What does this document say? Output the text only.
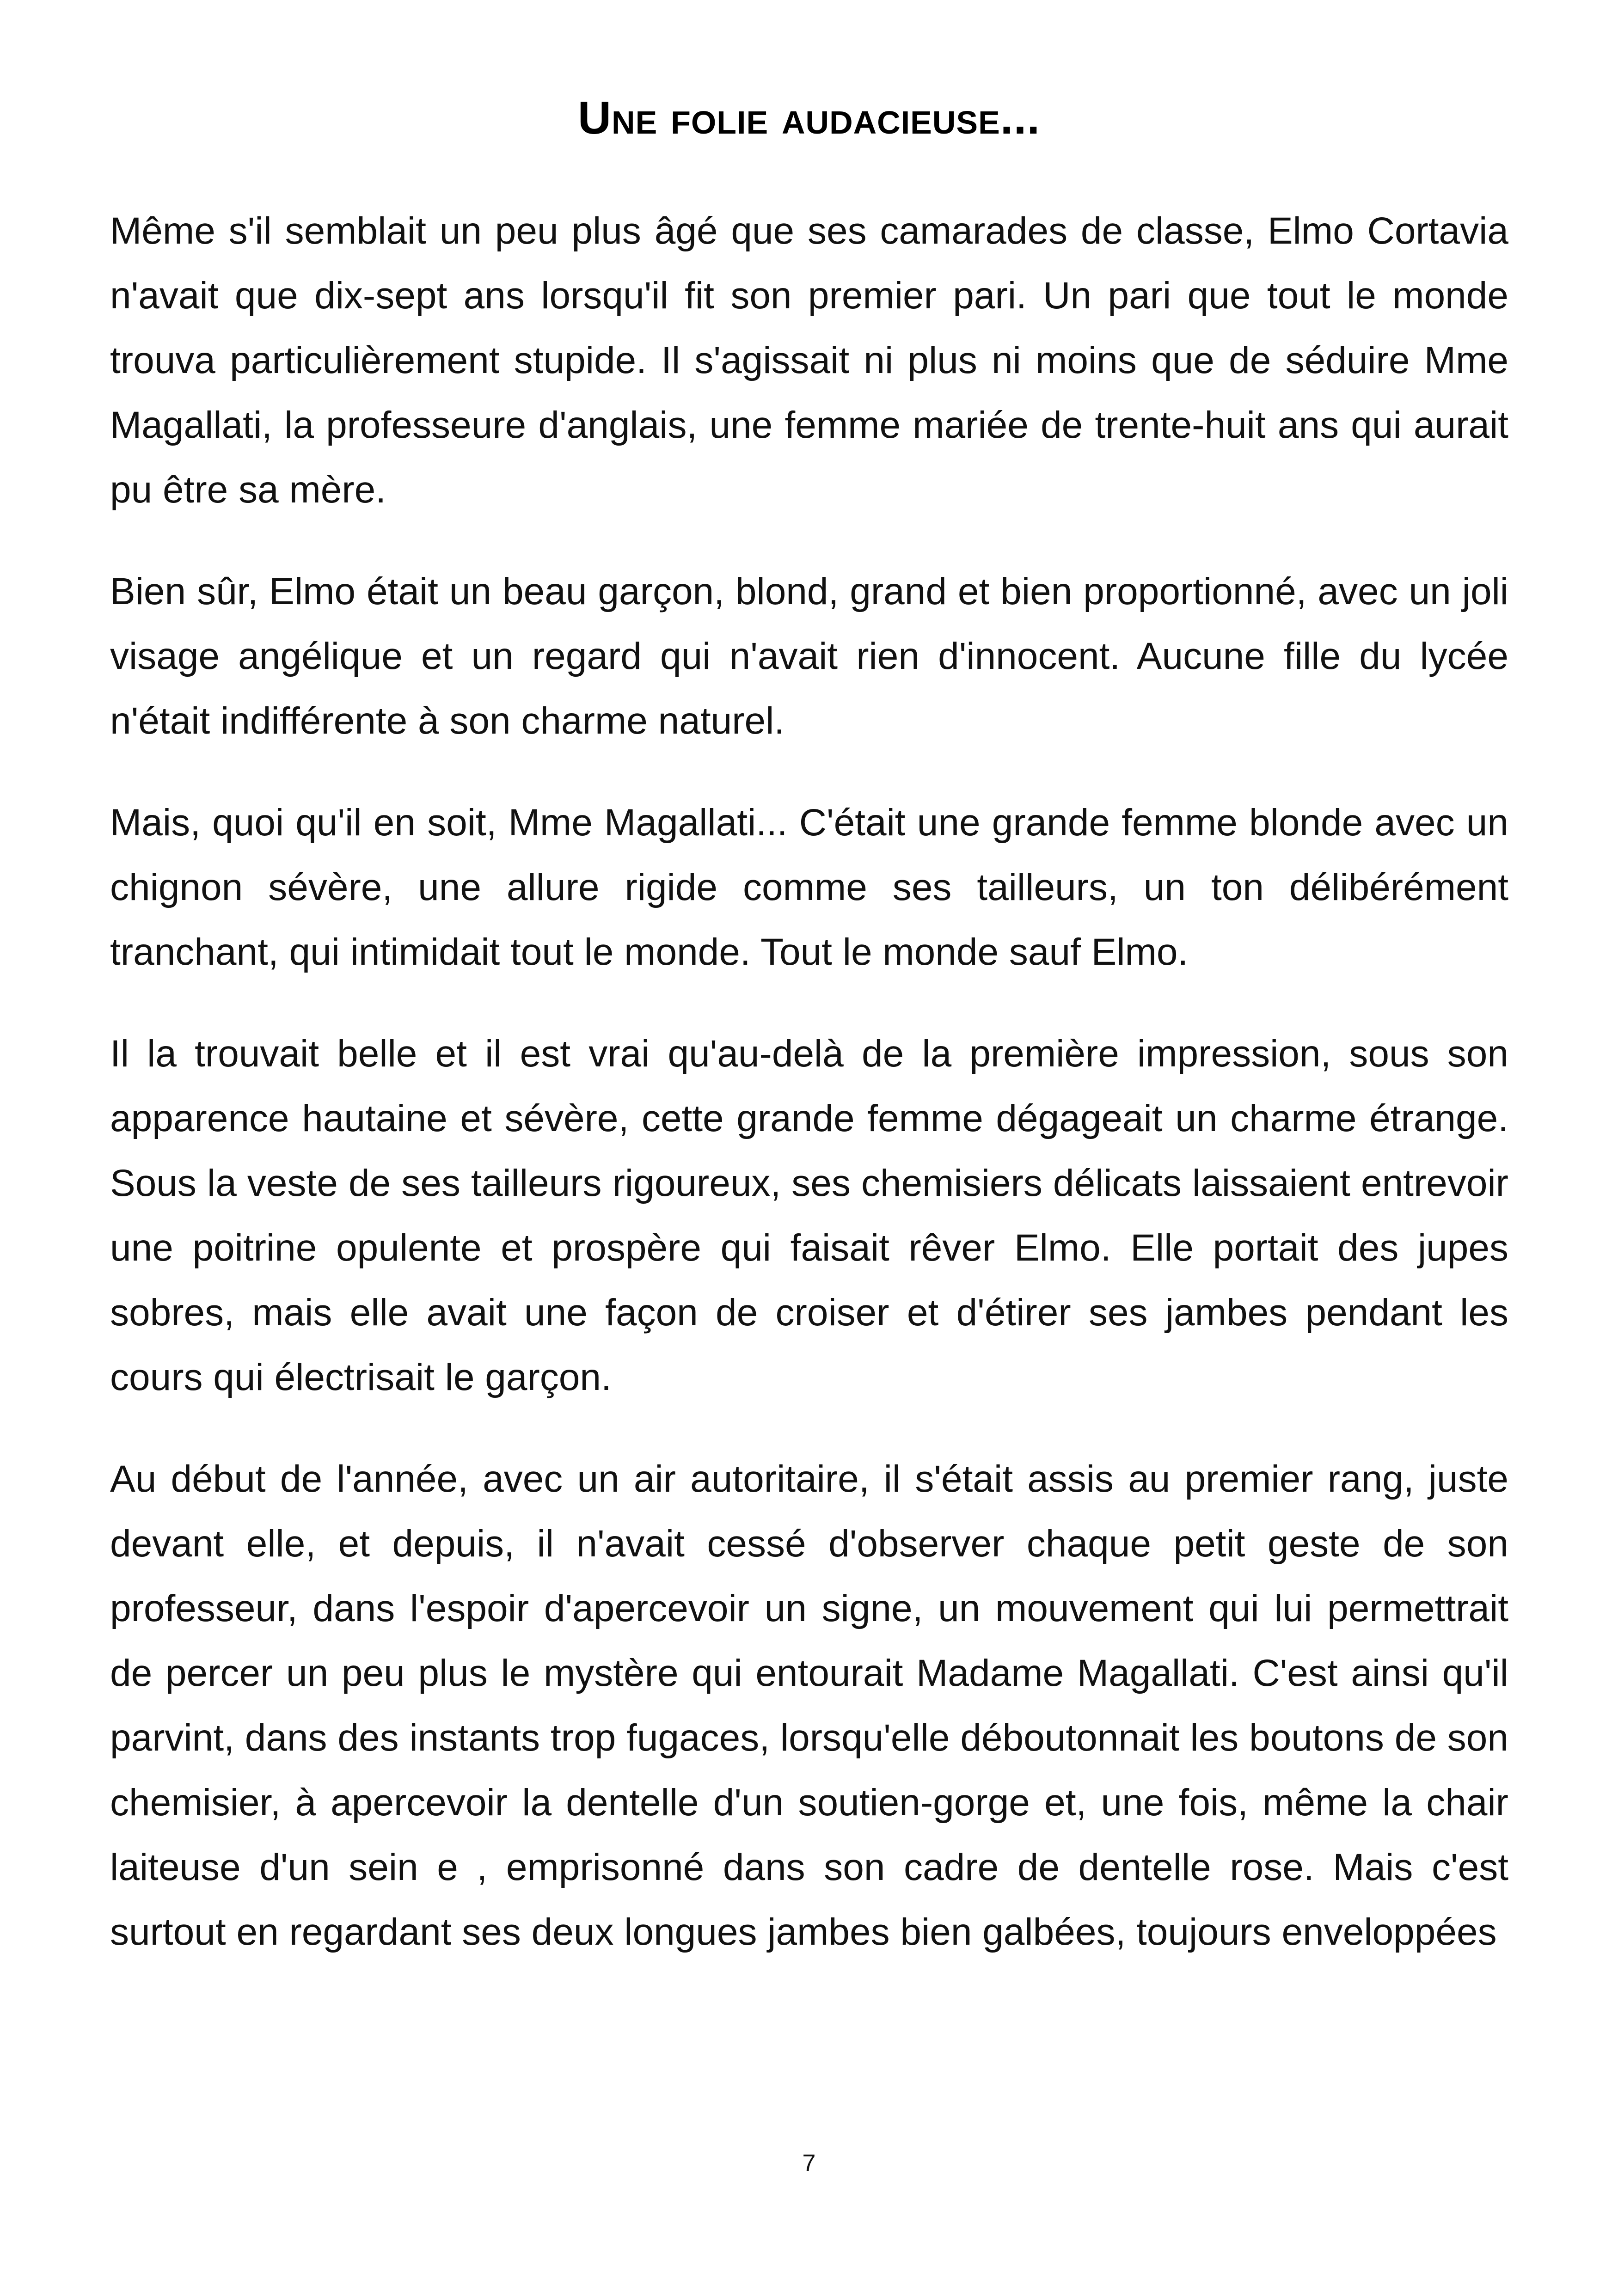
Une folie audacieuse...

Même s'il semblait un peu plus âgé que ses camarades de classe, Elmo Cortavia n'avait que dix-sept ans lorsqu'il fit son premier pari. Un pari que tout le monde trouva particulièrement stupide. Il s'agissait ni plus ni moins que de séduire Mme Magallati, la professeure d'anglais, une femme mariée de trente-huit ans qui aurait pu être sa mère.

Bien sûr, Elmo était un beau garçon, blond, grand et bien proportionné, avec un joli visage angélique et un regard qui n'avait rien d'innocent. Aucune fille du lycée n'était indifférente à son charme naturel.

Mais, quoi qu'il en soit, Mme Magallati... C'était une grande femme blonde avec un chignon sévère, une allure rigide comme ses tailleurs, un ton délibérément tranchant, qui intimidait tout le monde. Tout le monde sauf Elmo.

Il la trouvait belle et il est vrai qu'au-delà de la première impression, sous son apparence hautaine et sévère, cette grande femme dégageait un charme étrange. Sous la veste de ses tailleurs rigoureux, ses chemisiers délicats laissaient entrevoir une poitrine opulente et prospère qui faisait rêver Elmo. Elle portait des jupes sobres, mais elle avait une façon de croiser et d'étirer ses jambes pendant les cours qui électrisait le garçon.

Au début de l'année, avec un air autoritaire, il s'était assis au premier rang, juste devant elle, et depuis, il n'avait cessé d'observer chaque petit geste de son professeur, dans l'espoir d'apercevoir un signe, un mouvement qui lui permettrait de percer un peu plus le mystère qui entourait Madame Magallati. C'est ainsi qu'il parvint, dans des instants trop fugaces, lorsqu'elle déboutonnait les boutons de son chemisier, à apercevoir la dentelle d'un soutien-gorge et, une fois, même la chair laiteuse d'un sein e , emprisonné dans son cadre de dentelle rose. Mais c'est surtout en regardant ses deux longues jambes bien galbées, toujours enveloppées

7
